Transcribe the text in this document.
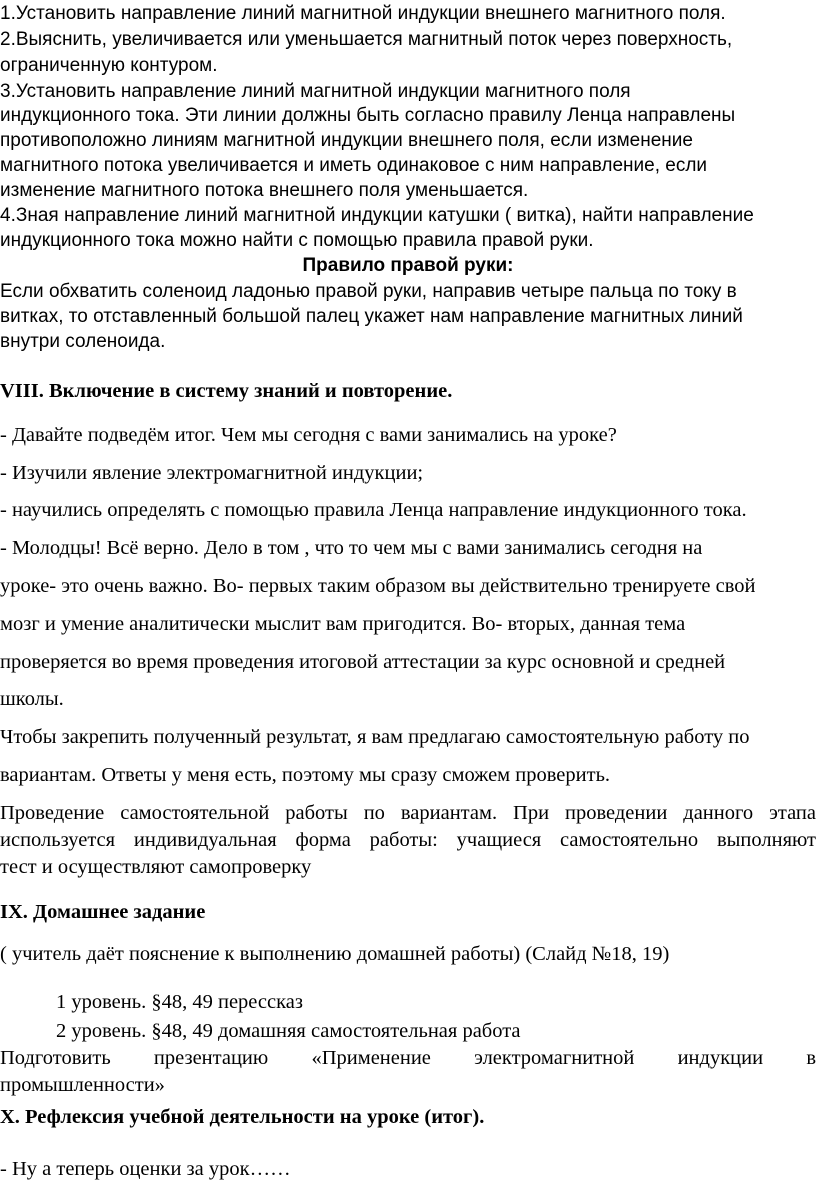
1.Установить направление линий магнитной индукции внешнего магнитного поля.
2.Выяснить, увеличивается или уменьшается магнитный поток через поверхность,
ограниченную контуром.
3.Установить направление линий магнитной индукции магнитного поля
индукционного тока. Эти линии должны быть согласно правилу Ленца направлены
противоположно линиям магнитной индукции внешнего поля, если изменение
магнитного потока увеличивается и иметь одинаковое с ним направление, если
изменение магнитного потока внешнего поля уменьшается.
4.Зная направление линий магнитной индукции катушки ( витка), найти направление
индукционного тока можно найти с помощью правила правой руки.
Правило правой руки:
Если обхватить соленоид ладонью правой руки, направив четыре пальца по току в
витках, то отставленный большой палец укажет нам направление магнитных линий
внутри соленоида.
VIII. Включение в систему знаний и повторение.
- Давайте подведём итог. Чем мы сегодня с вами занимались на уроке?
- Изучили явление электромагнитной индукции;
- научились определять с помощью правила Ленца направление индукционного тока.
- Молодцы! Всё верно. Дело в том , что то чем мы с вами занимались сегодня на
уроке- это очень важно. Во- первых таким образом вы действительно тренируете свой
мозг и умение аналитически мыслит вам пригодится. Во- вторых, данная тема
проверяется во время проведения итоговой аттестации за курс основной и средней
школы.
Чтобы закрепить полученный результат, я вам предлагаю самостоятельную работу по
вариантам. Ответы у меня есть, поэтому мы сразу сможем проверить.
Проведение самостоятельной работы по вариантам. При проведении данного этапа
используется индивидуальная форма работы: учащиеся самостоятельно выполняют
тест и осуществляют самопроверку
IX. Домашнее задание
( учитель даёт пояснение к выполнению домашней работы) (Слайд №18, 19)
1 уровень. §48, 49 перессказ
2 уровень. §48, 49 домашняя самостоятельная работа
Подготовить презентацию «Применение электромагнитной индукции в
промышленности»
X. Рефлексия учебной деятельности на уроке (итог).
- Ну а теперь оценки за урок……
